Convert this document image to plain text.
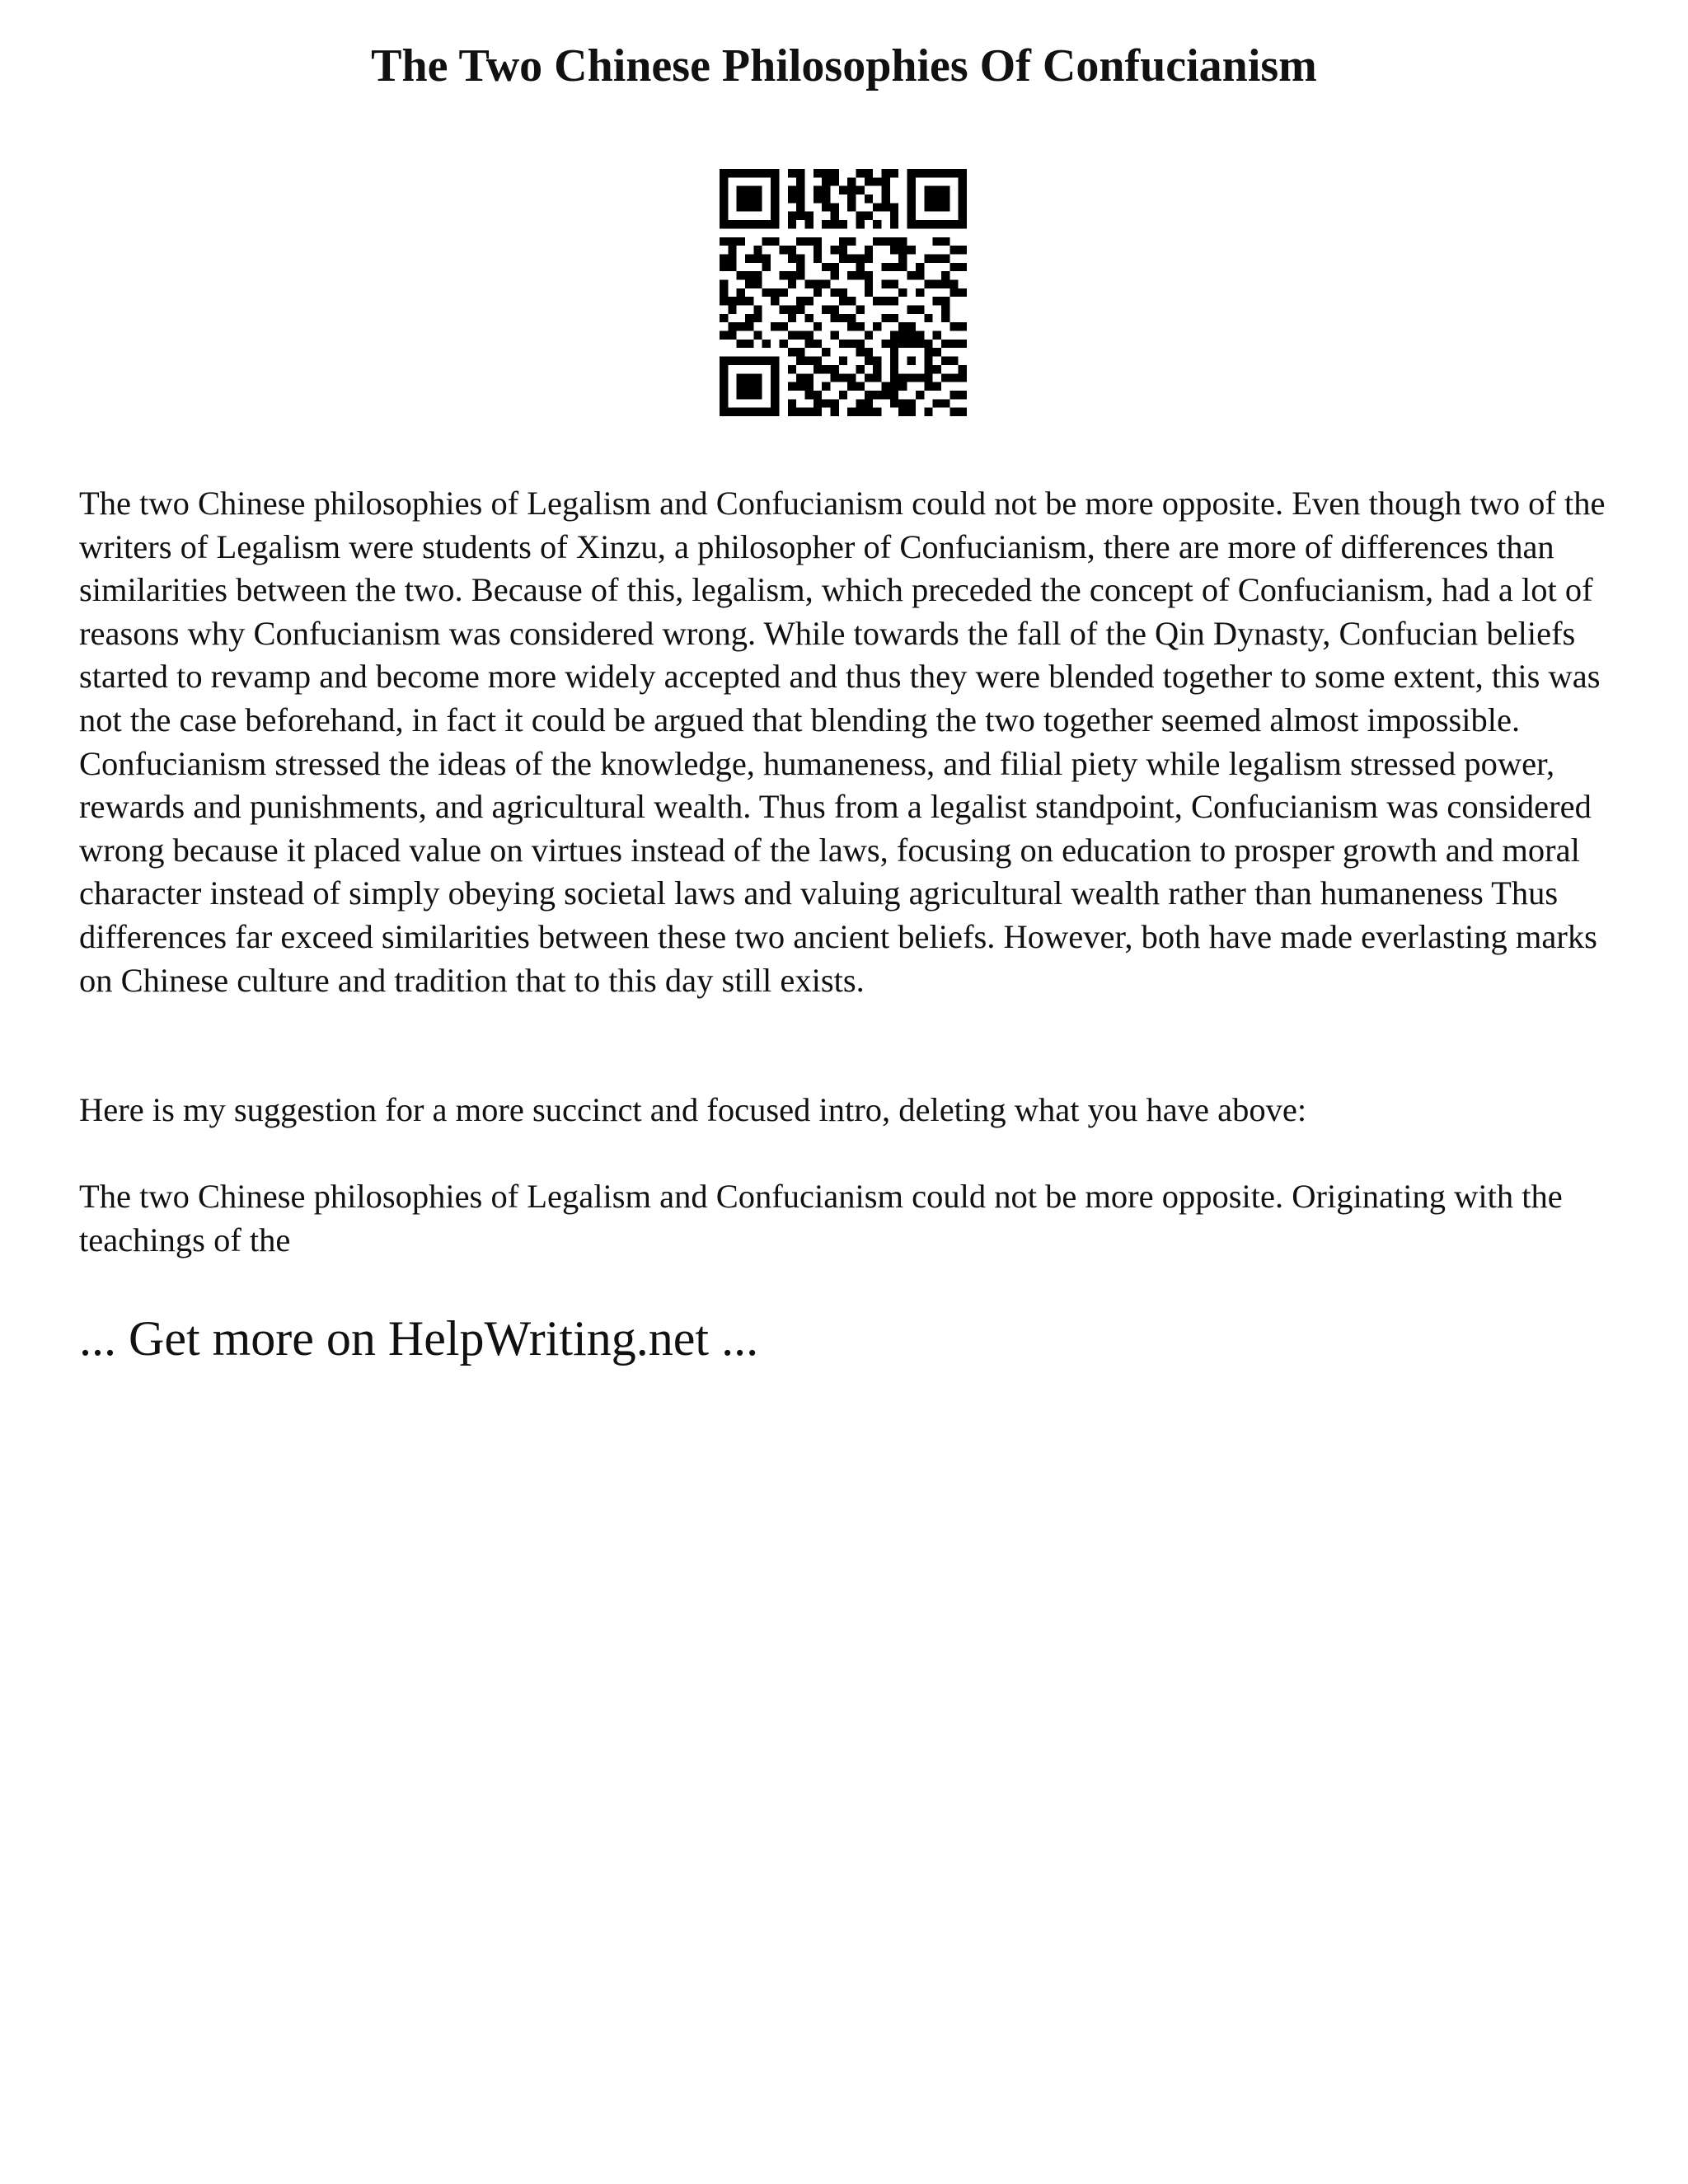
The Two Chinese Philosophies Of Confucianism

The two Chinese philosophies of Legalism and Confucianism could not be more opposite. Even though two of the writers of Legalism were students of Xinzu, a philosopher of Confucianism, there are more of differences than similarities between the two. Because of this, legalism, which preceded the concept of Confucianism, had a lot of reasons why Confucianism was considered wrong. While towards the fall of the Qin Dynasty, Confucian beliefs started to revamp and become more widely accepted and thus they were blended together to some extent, this was not the case beforehand, in fact it could be argued that blending the two together seemed almost impossible. Confucianism stressed the ideas of the knowledge, humaneness, and filial piety while legalism stressed power, rewards and punishments, and agricultural wealth. Thus from a legalist standpoint, Confucianism was considered wrong because it placed value on virtues instead of the laws, focusing on education to prosper growth and moral character instead of simply obeying societal laws and valuing agricultural wealth rather than humaneness Thus differences far exceed similarities between these two ancient beliefs. However, both have made everlasting marks on Chinese culture and tradition that to this day still exists.

Here is my suggestion for a more succinct and focused intro, deleting what you have above:

The two Chinese philosophies of Legalism and Confucianism could not be more opposite. Originating with the teachings of the

... Get more on HelpWriting.net ...
